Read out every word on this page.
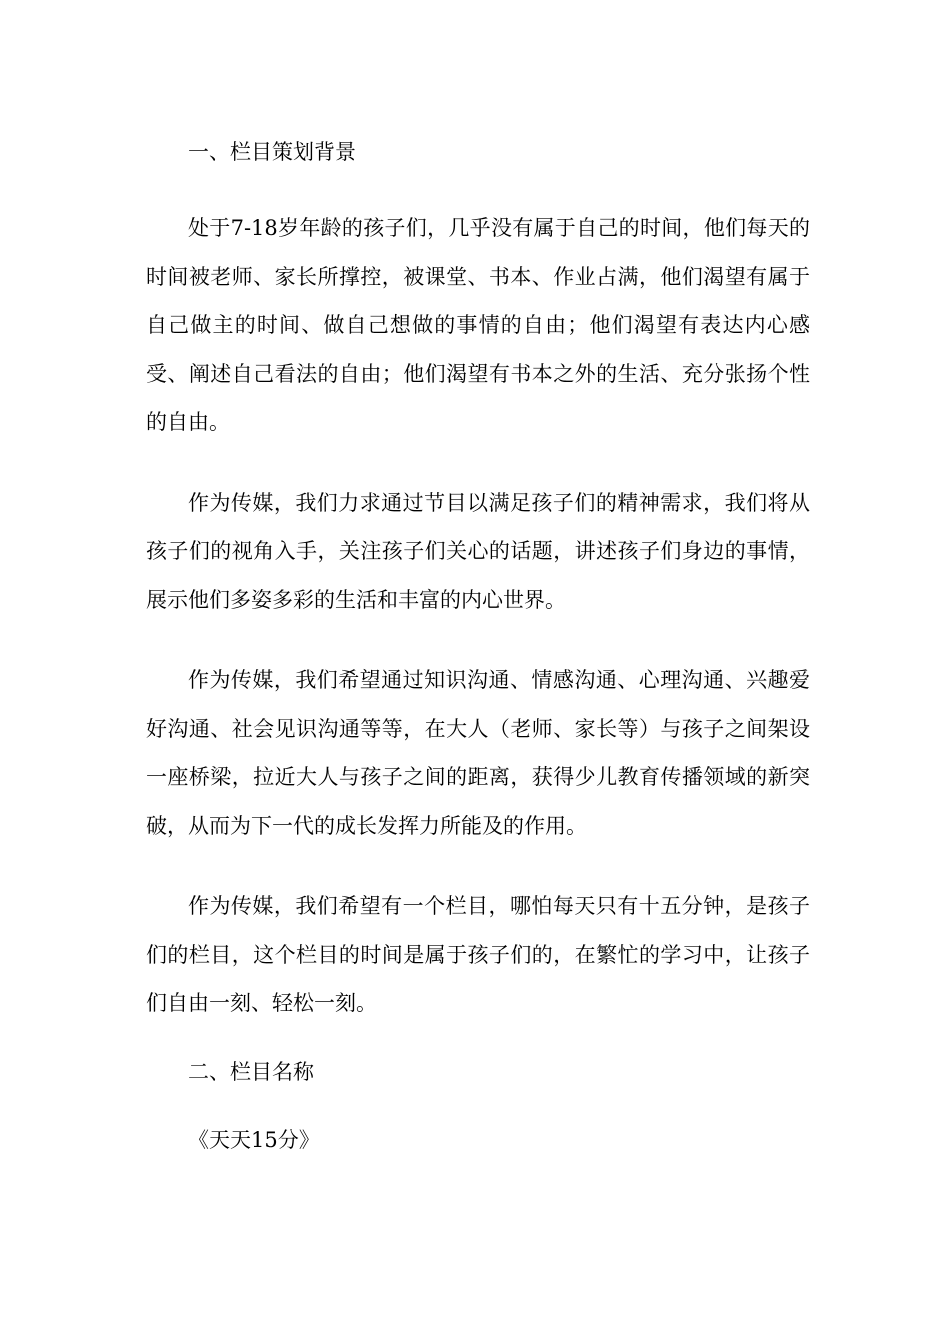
一、栏目策划背景

处于7-18岁年龄的孩子们，几乎没有属于自己的时间，他们每天的时间被老师、家长所撑控，被课堂、书本、作业占满，他们渴望有属于自己做主的时间、做自己想做的事情的自由；他们渴望有表达内心感受、阐述自己看法的自由；他们渴望有书本之外的生活、充分张扬个性的自由。

作为传媒，我们力求通过节目以满足孩子们的精神需求，我们将从孩子们的视角入手，关注孩子们关心的话题，讲述孩子们身边的事情，展示他们多姿多彩的生活和丰富的内心世界。

作为传媒，我们希望通过知识沟通、情感沟通、心理沟通、兴趣爱好沟通、社会见识沟通等等，在大人（老师、家长等）与孩子之间架设一座桥梁，拉近大人与孩子之间的距离，获得少儿教育传播领域的新突破，从而为下一代的成长发挥力所能及的作用。

作为传媒，我们希望有一个栏目，哪怕每天只有十五分钟，是孩子们的栏目，这个栏目的时间是属于孩子们的，在繁忙的学习中，让孩子们自由一刻、轻松一刻。

二、栏目名称

《天天15分》
